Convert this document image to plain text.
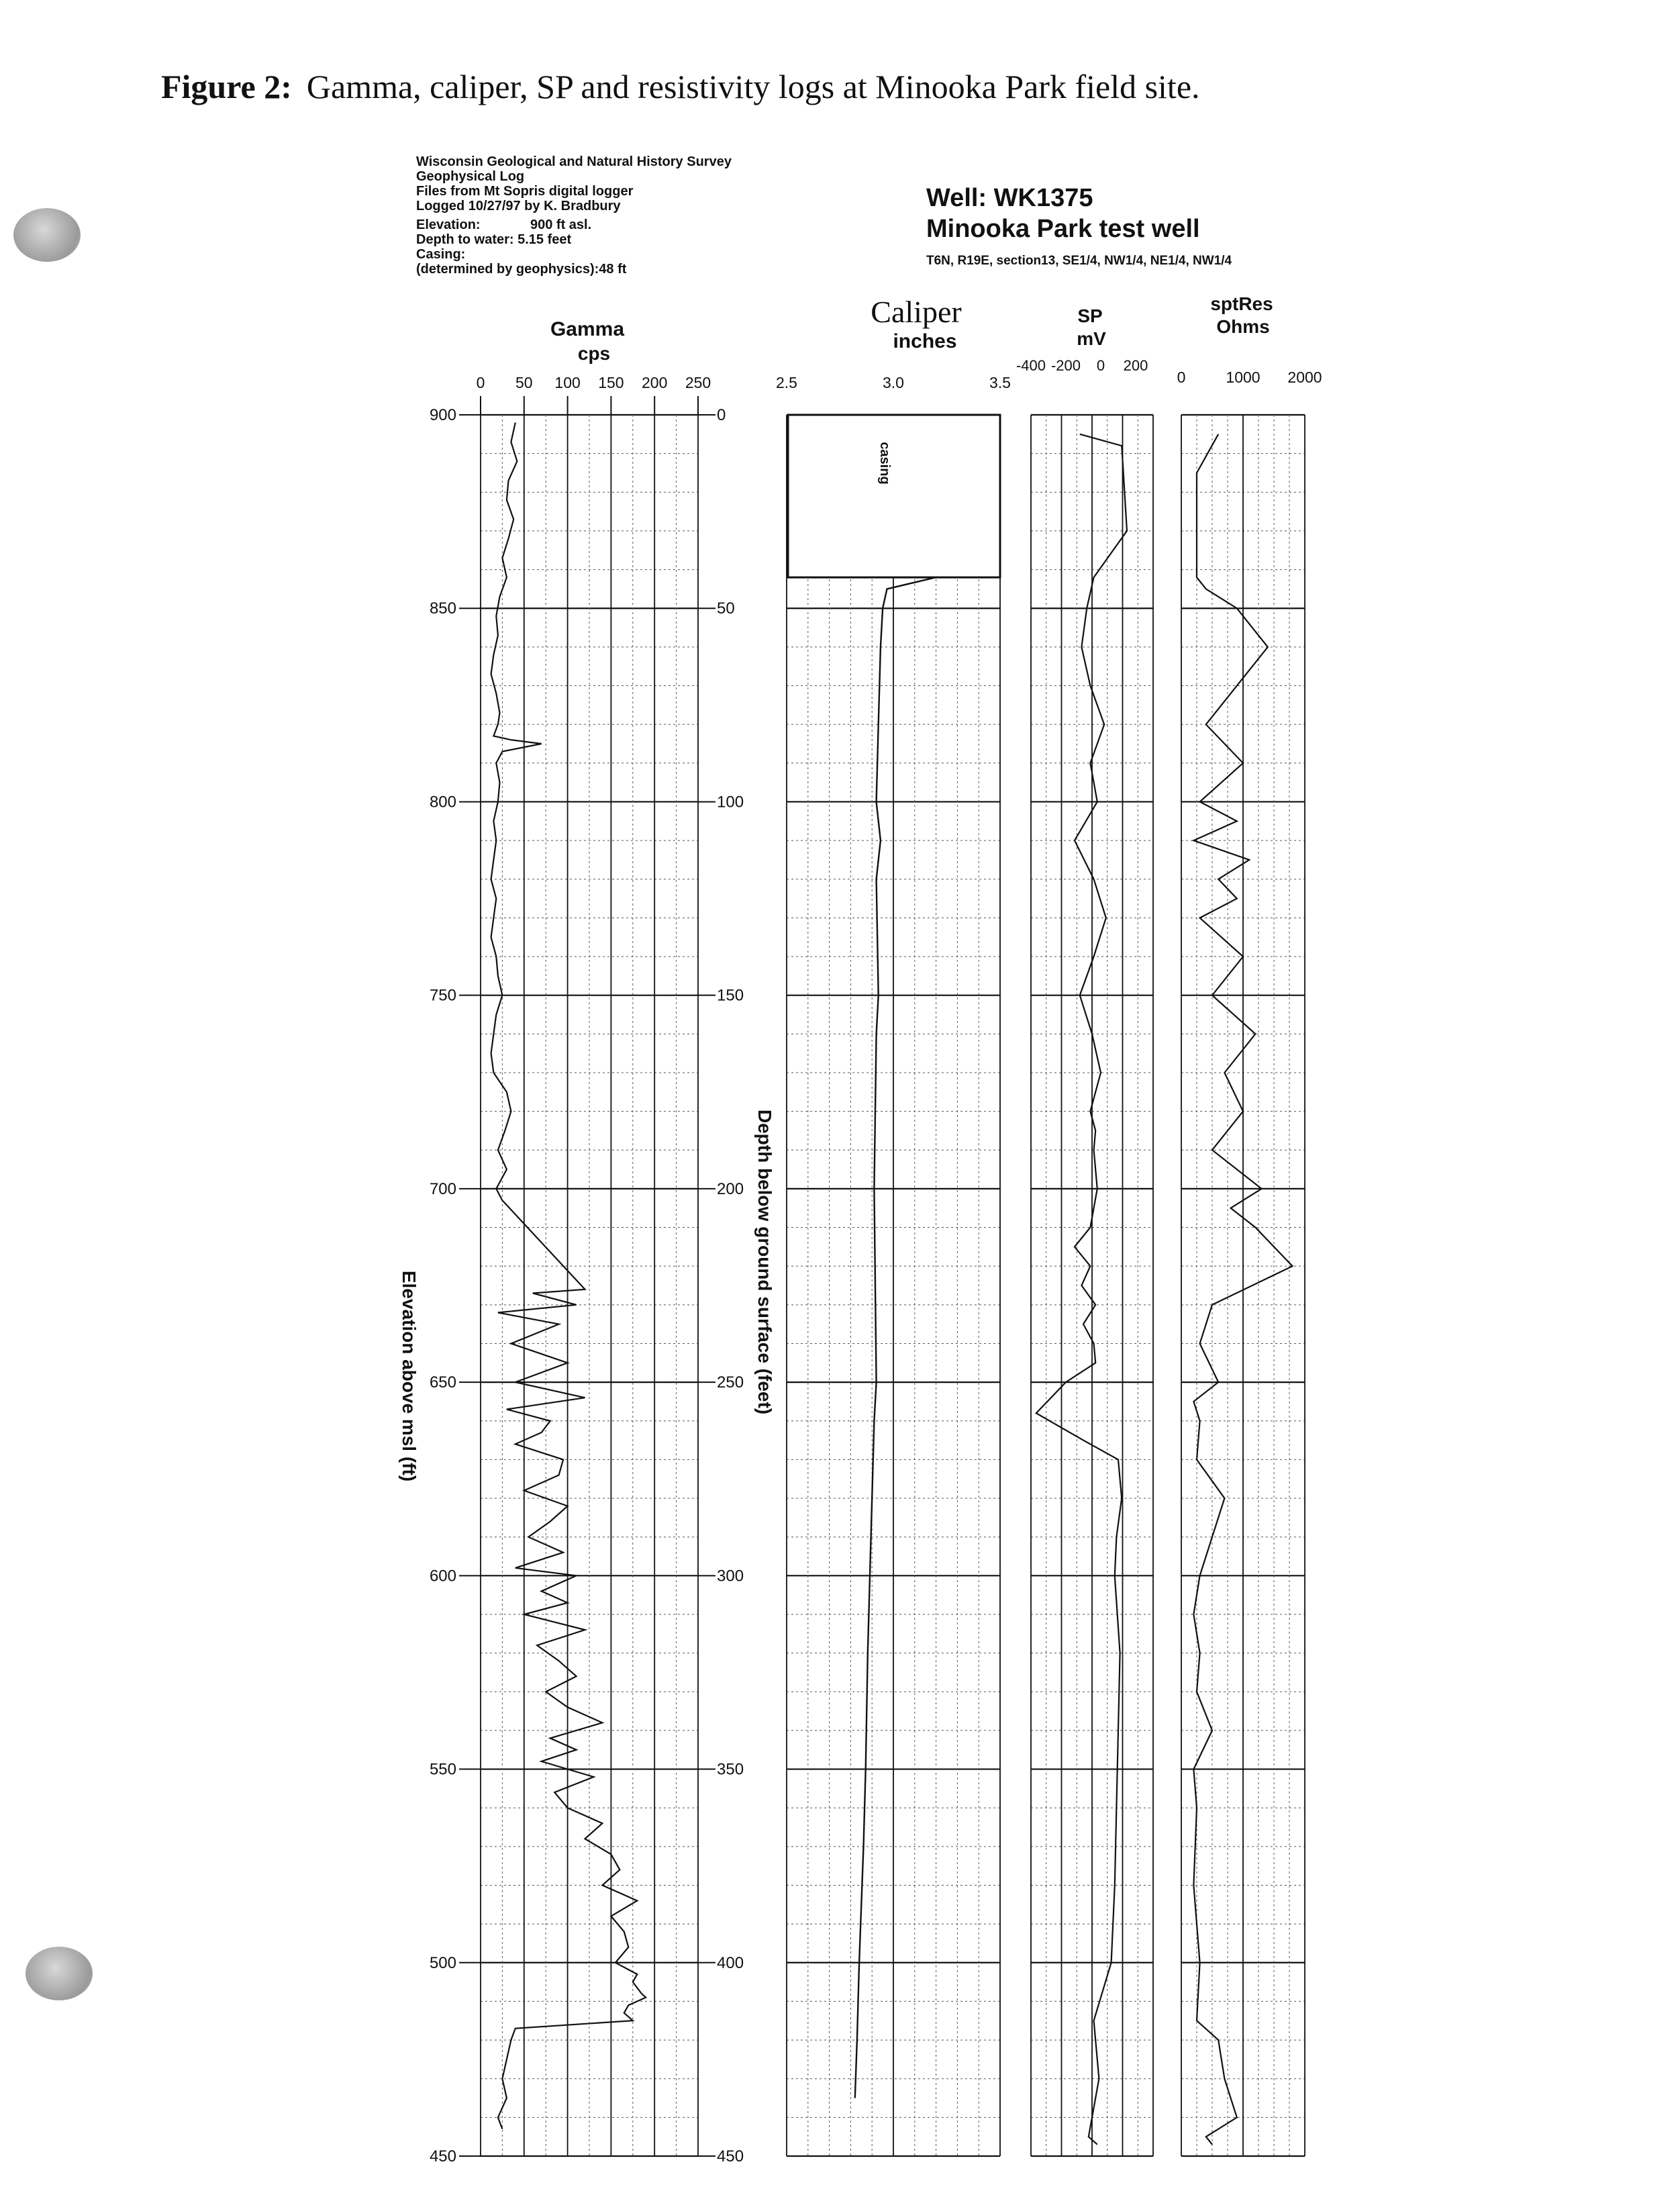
Figure 2: Gamma, caliper, SP and resistivity logs at Minooka Park field site.
Wisconsin Geological and Natural History Survey
Geophysical Log
Files from Mt Sopris digital logger
Logged 10/27/97 by K. Bradbury
Elevation:	900 ft asl.
Depth to water: 5.15 feet
Casing:
(determined by geophysics):48 ft
Well: WK1375
Minooka Park test well
T6N, R19E, section13, SE1/4, NW1/4, NE1/4, NW1/4
0 50 100 150 200 250
Gamma
cps
900	0
850	50
800	100
750	150
700	200
650	250
600	300
550	350
500	400
450	450
Elevation above msl (ft)	Depth below ground surface (feet)
2.5	3.0	3.5
Caliper
inches
casing
-400 -200 0 200
SP
mV
0	1000 2000
sptRes
Ohms
